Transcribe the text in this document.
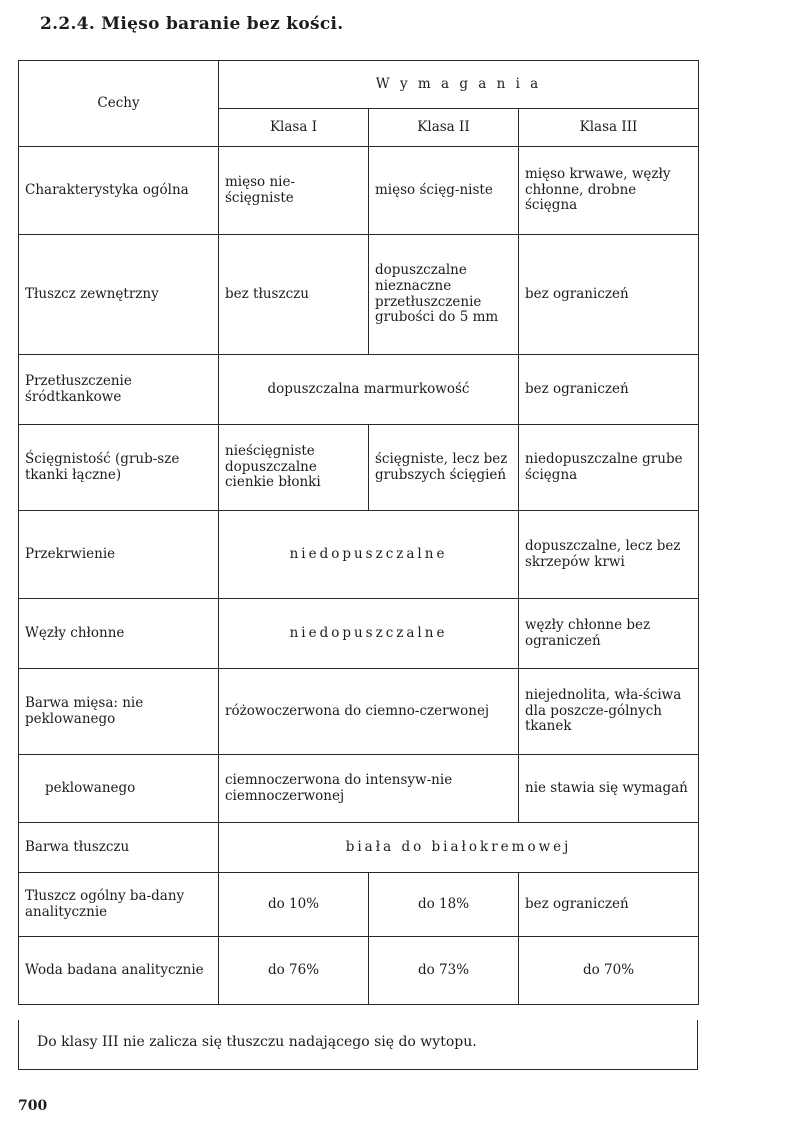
2.2.4. Mięso baranie bez kości.
Cechy	W y m a g a n i a		
	Klasa I	Klasa II	Klasa III
Charakterystyka ogólna	mięso nie-ścięgniste	mięso ścięg-niste	mięso krwawe, węzły chłonne, drobne ścięgna
Tłuszcz zewnętrzny	bez tłuszczu	dopuszczalne nieznaczne przetłuszczenie grubości do 5 mm	bez ograniczeń
Przetłuszczenie śródtkankowe	dopuszczalna marmurkowość		bez ograniczeń
Ścięgnistość (grub-sze tkanki łączne)	nieścięgniste dopuszczalne cienkie błonki	ścięgniste, lecz bez grubszych ścięgień	niedopuszczalne grube ścięgna
Przekrwienie	niedopuszczalne		dopuszczalne, lecz bez skrzepów krwi
Węzły chłonne	niedopuszczalne		węzły chłonne bez ograniczeń
Barwa mięsa: nie peklowanego	różowoczerwona do ciemno-czerwonej		niejednolita, wła-ściwa dla poszcze-gólnych tkanek
peklowanego	ciemnoczerwona do intensyw-nie ciemnoczerwonej		nie stawia się wymagań
Barwa tłuszczu	biała do białokremowej		
Tłuszcz ogólny ba-dany analitycznie	do 10%	do 18%	bez ograniczeń
Woda badana analitycznie	do 76%	do 73%	do 70%
Do klasy III nie zalicza się tłuszczu nadającego się do wytopu.
700
